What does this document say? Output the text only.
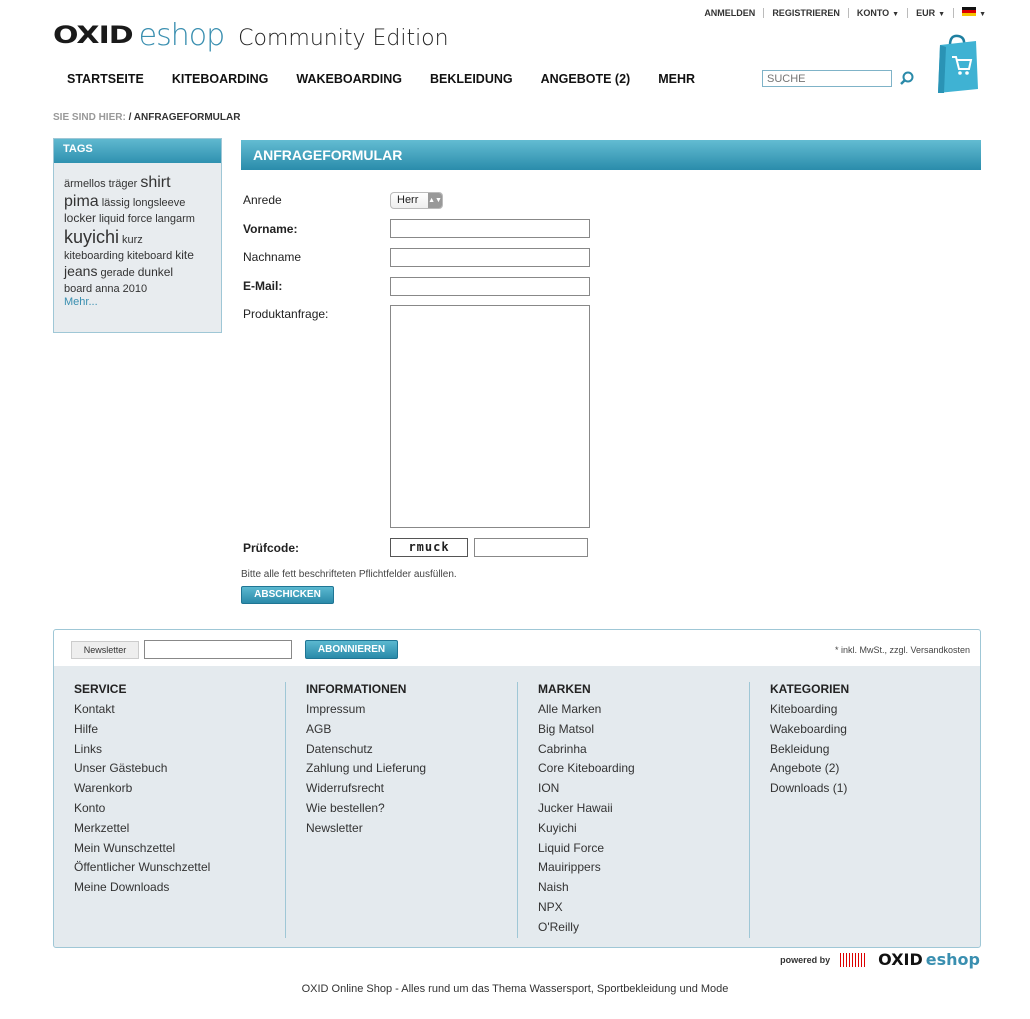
OXID eshop Community Edition
ANMELDEN REGISTRIEREN KONTO ▼ EUR ▼	▼
STARTSEITE KITEBOARDING WAKEBOARDING BEKLEIDUNG ANGEBOTE (2) MEHR
SUCHE
SIE SIND HIER: / ANFRAGEFORMULAR
TAGS
ärmellos träger shirt pima lässig longsleeve locker liquid force langarm kuyichi kurz kiteboarding kiteboard kite jeans gerade dunkel board anna 2010
Mehr...
ANFRAGEFORMULAR
Anrede	Herr ▲▼
Vorname:
Nachname
E-Mail:
Produktanfrage:
Prüfcode:	rmuck
Bitte alle fett beschrifteten Pflichtfelder ausfüllen.
ABSCHICKEN
Newsletter	ABONNIEREN	* inkl. MwSt., zzgl. Versandkosten
SERVICE
Kontakt
Hilfe
Links
Unser Gästebuch
Warenkorb
Konto
Merkzettel
Mein Wunschzettel
Öffentlicher Wunschzettel
Meine Downloads
INFORMATIONEN
Impressum
AGB
Datenschutz
Zahlung und Lieferung
Widerrufsrecht
Wie bestellen?
Newsletter
MARKEN
Alle Marken
Big Matsol
Cabrinha
Core Kiteboarding
ION
Jucker Hawaii
Kuyichi
Liquid Force
Mauirippers
Naish
NPX
O'Reilly
KATEGORIEN
Kiteboarding
Wakeboarding
Bekleidung
Angebote (2)
Downloads (1)
powered by	OXID eshop
OXID Online Shop - Alles rund um das Thema Wassersport, Sportbekleidung und Mode
